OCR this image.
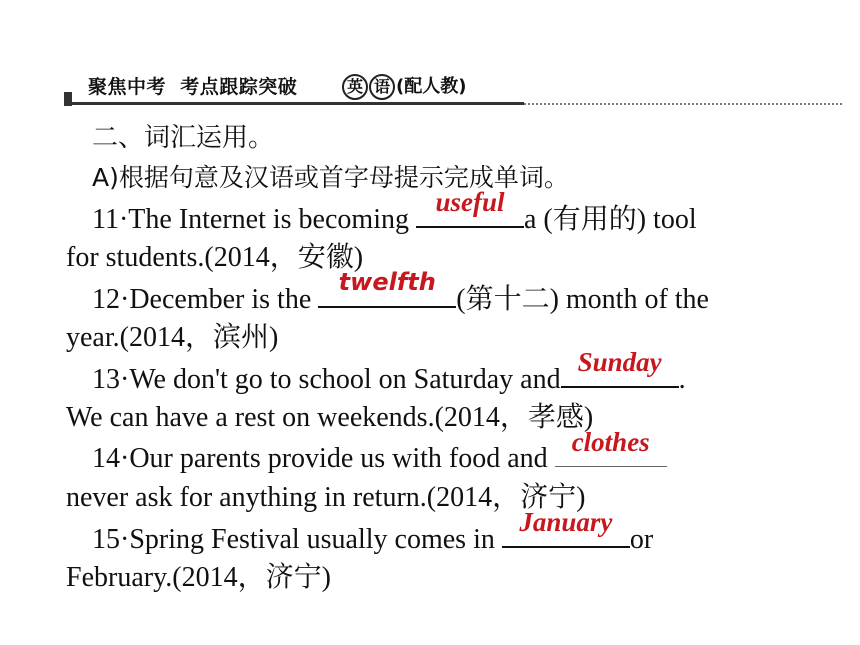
聚焦中考  考点跟踪突破	英 语 (配人教)
二、词汇运用。
A)根据句意及汉语或首字母提示完成单词。
11·The Internet is becoming
useful
a (有用的) tool
for students.(2014，安徽)
12·December is the
twelfth
(第十二) month of the
year.(2014，滨州)
13·We don't go to school on Saturday and
Sunday
.
We can have a rest on weekends.(2014，孝感)
14·Our parents provide us with food and
clothes
never ask for anything in return.(2014，济宁)
15·Spring Festival usually comes in
January
or
February.(2014，济宁)
